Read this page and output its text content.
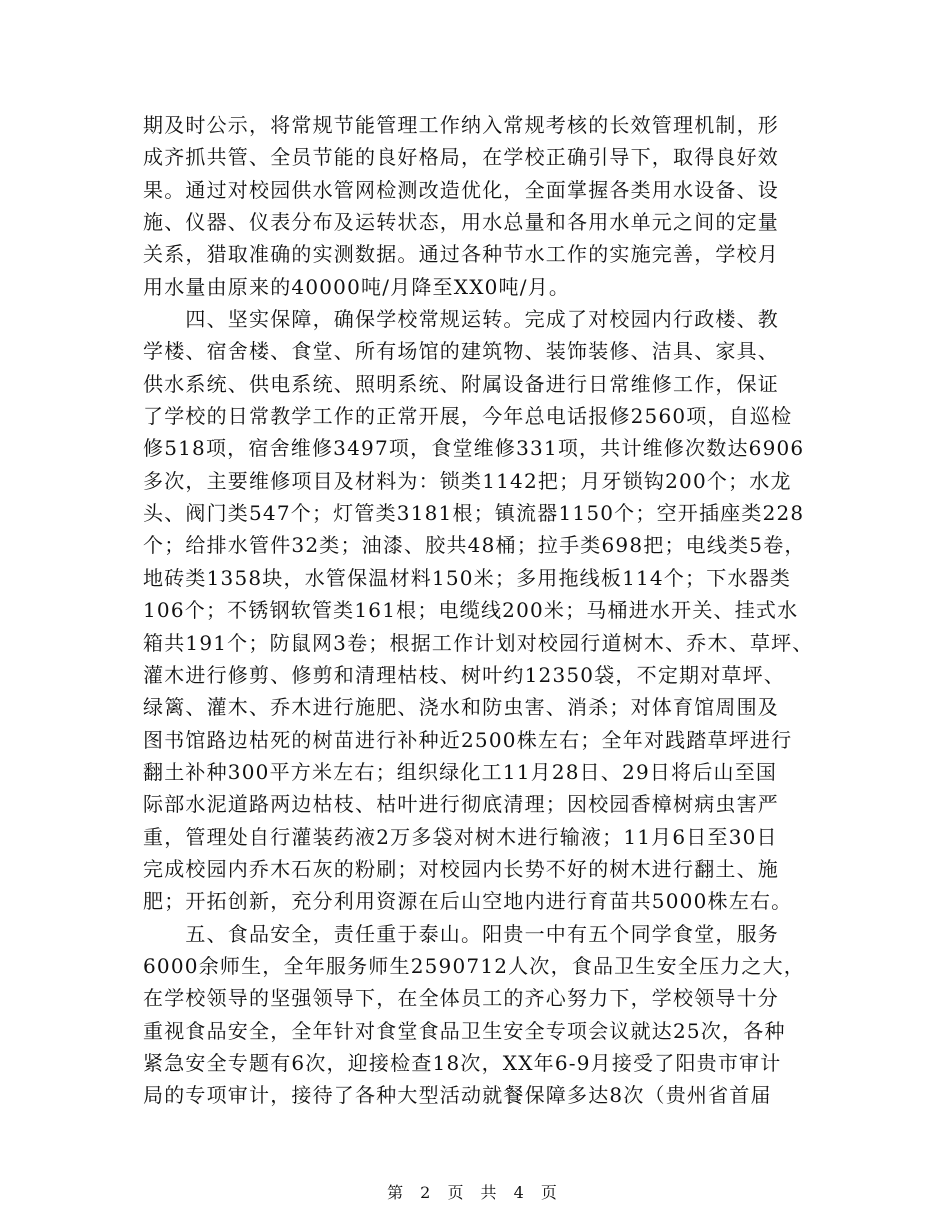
期及时公示，将常规节能管理工作纳入常规考核的长效管理机制，形
成齐抓共管、全员节能的良好格局，在学校正确引导下，取得良好效
果。通过对校园供水管网检测改造优化，全面掌握各类用水设备、设
施、仪器、仪表分布及运转状态，用水总量和各用水单元之间的定量
关系，猎取准确的实测数据。通过各种节水工作的实施完善，学校月
用水量由原来的40000吨/月降至XX0吨/月。
　　四、坚实保障，确保学校常规运转。完成了对校园内行政楼、教
学楼、宿舍楼、食堂、所有场馆的建筑物、装饰装修、洁具、家具、
供水系统、供电系统、照明系统、附属设备进行日常维修工作，保证
了学校的日常教学工作的正常开展，今年总电话报修2560项，自巡检
修518项，宿舍维修3497项，食堂维修331项，共计维修次数达6906
多次，主要维修项目及材料为：锁类1142把；月牙锁钩200个；水龙
头、阀门类547个；灯管类3181根；镇流器1150个；空开插座类228
个；给排水管件32类；油漆、胶共48桶；拉手类698把；电线类5卷，
地砖类1358块，水管保温材料150米；多用拖线板114个；下水器类
106个；不锈钢软管类161根；电缆线200米；马桶进水开关、挂式水
箱共191个；防鼠网3卷；根据工作计划对校园行道树木、乔木、草坪、
灌木进行修剪、修剪和清理枯枝、树叶约12350袋，不定期对草坪、
绿篱、灌木、乔木进行施肥、浇水和防虫害、消杀；对体育馆周围及
图书馆路边枯死的树苗进行补种近2500株左右；全年对践踏草坪进行
翻土补种300平方米左右；组织绿化工11月28日、29日将后山至国
际部水泥道路两边枯枝、枯叶进行彻底清理；因校园香樟树病虫害严
重，管理处自行灌装药液2万多袋对树木进行输液；11月6日至30日
完成校园内乔木石灰的粉刷；对校园内长势不好的树木进行翻土、施
肥；开拓创新，充分利用资源在后山空地内进行育苗共5000株左右。
　　五、食品安全，责任重于泰山。阳贵一中有五个同学食堂，服务
6000余师生，全年服务师生2590712人次，食品卫生安全压力之大，
在学校领导的坚强领导下，在全体员工的齐心努力下，学校领导十分
重视食品安全，全年针对食堂食品卫生安全专项会议就达25次，各种
紧急安全专题有6次，迎接检查18次，XX年6-9月接受了阳贵市审计
局的专项审计，接待了各种大型活动就餐保障多达8次（贵州省首届
第 2 页 共 4 页
